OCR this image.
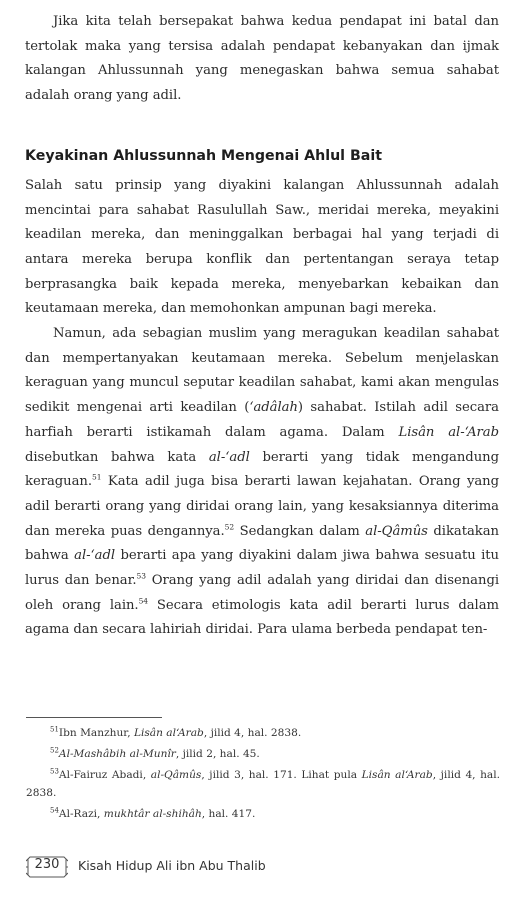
Jika kita telah bersepakat bahwa kedua pendapat ini batal dan tertolak maka yang tersisa adalah pendapat kebanyakan dan ijmak kalangan Ahlussunnah yang menegaskan bahwa semua sahabat adalah orang yang adil.

Keyakinan Ahlussunnah Mengenai Ahlul Bait

Salah satu prinsip yang diyakini kalangan Ahlussunnah adalah mencintai para sahabat Rasulullah Saw., meridai mereka, meyakini keadilan mereka, dan meninggalkan berbagai hal yang terjadi di antara mereka berupa konflik dan pertentangan seraya tetap berprasangka baik kepada mereka, menyebarkan kebaikan dan keutamaan mereka, dan memohonkan ampunan bagi mereka.

Namun, ada sebagian muslim yang meragukan keadilan sahabat dan mempertanyakan keutamaan mereka. Sebelum menjelaskan keraguan yang muncul seputar keadilan sahabat, kami akan mengulas sedikit mengenai arti keadilan (‘adâlah) sahabat. Istilah adil secara harfiah berarti istikamah dalam agama. Dalam Lisân al-‘Arab disebutkan bahwa kata al-‘adl berarti yang tidak mengandung keraguan.$^{51}$ Kata adil juga bisa berarti lawan kejahatan. Orang yang adil berarti orang yang diridai orang lain, yang kesaksiannya diterima dan mereka puas dengannya.$^{52}$ Sedangkan dalam al-Qâmûs dikatakan bahwa al-‘adl berarti apa yang diyakini dalam jiwa bahwa sesuatu itu lurus dan benar.$^{53}$ Orang yang adil adalah yang diridai dan disenangi oleh orang lain.$^{54}$ Secara etimologis kata adil berarti lurus dalam agama dan secara lahiriah diridai. Para ulama berbeda pendapat ten-

$^{51}$Ibn Manzhur, Lisân al‘Arab, jilid 4, hal. 2838.
$^{52}$Al-Mashâbih al-Munîr, jilid 2, hal. 45.
$^{53}$Al-Fairuz Abadi, al-Qâmûs, jilid 3, hal. 171. Lihat pula Lisân al‘Arab, jilid 4, hal. 2838.
$^{54}$Al-Razi, mukhtâr al-shihâh, hal. 417.
230	Kisah Hidup Ali ibn Abu Thalib
